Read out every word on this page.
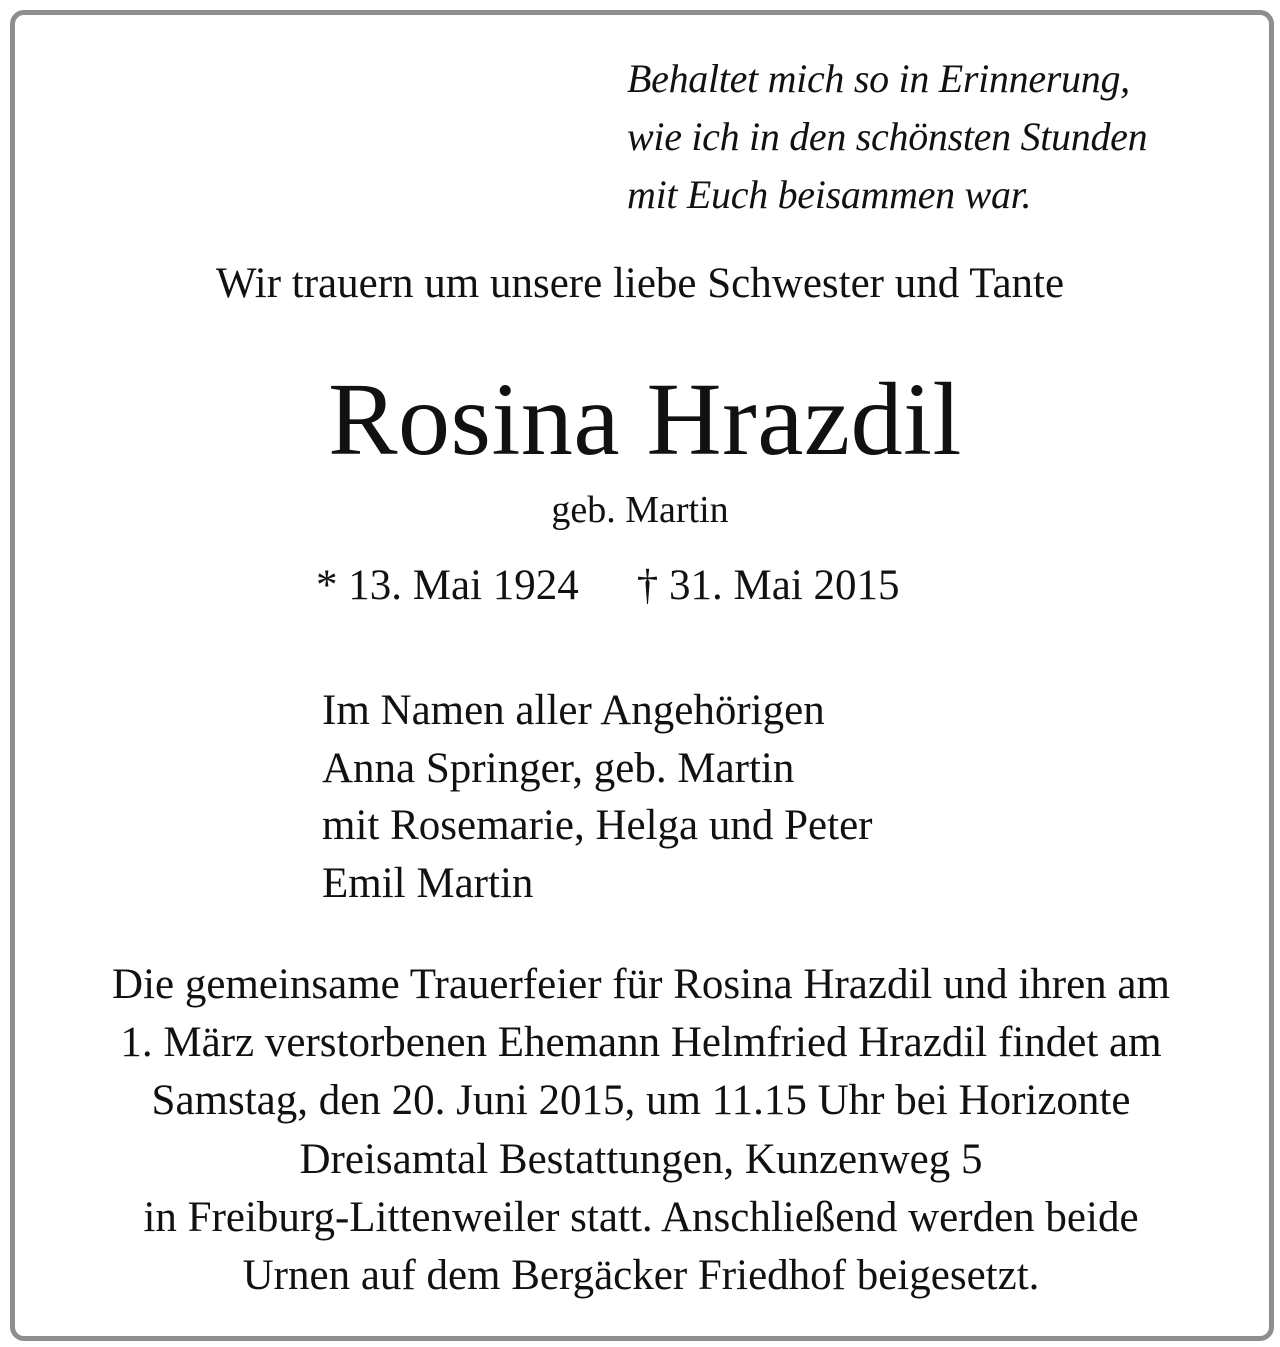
Behaltet mich so in Erinnerung,
wie ich in den schönsten Stunden
mit Euch beisammen war.
Wir trauern um unsere liebe Schwester und Tante
Rosina Hrazdil
geb. Martin
* 13. Mai 1924 † 31. Mai 2015
Im Namen aller Angehörigen
Anna Springer, geb. Martin
mit Rosemarie, Helga und Peter
Emil Martin
Die gemeinsame Trauerfeier für Rosina Hrazdil und ihren am
1. März verstorbenen Ehemann Helmfried Hrazdil findet am
Samstag, den 20. Juni 2015, um 11.15 Uhr bei Horizonte
Dreisamtal Bestattungen, Kunzenweg 5
in Freiburg-Littenweiler statt. Anschließend werden beide
Urnen auf dem Bergäcker Friedhof beigesetzt.
